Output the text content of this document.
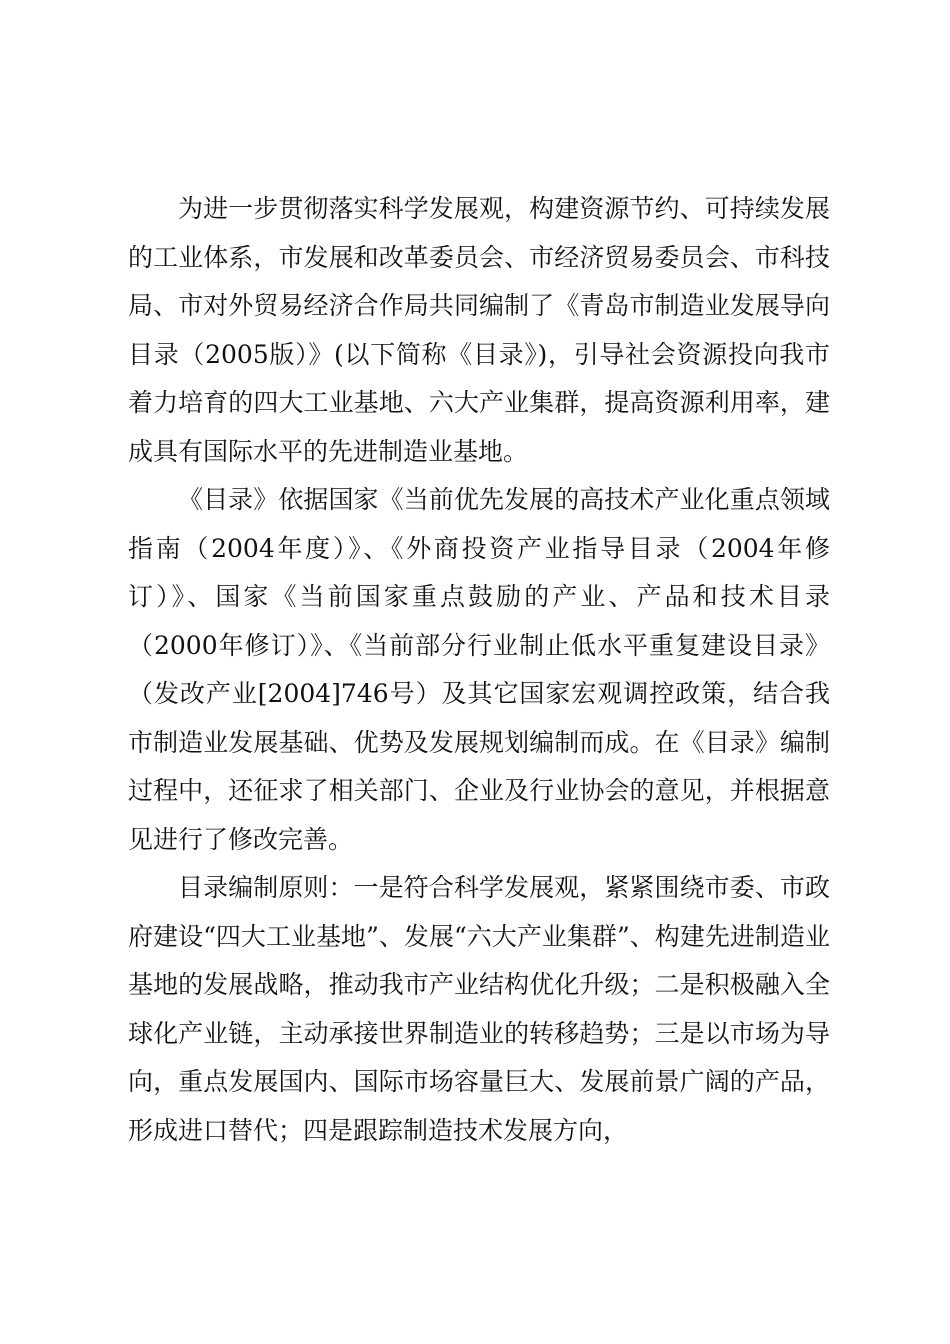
为进一步贯彻落实科学发展观，构建资源节约、可持续发展的工业体系，市发展和改革委员会、市经济贸易委员会、市科技局、市对外贸易经济合作局共同编制了《青岛市制造业发展导向目录（2005版）》(以下简称《目录》)，引导社会资源投向我市着力培育的四大工业基地、六大产业集群，提高资源利用率，建成具有国际水平的先进制造业基地。

《目录》依据国家《当前优先发展的高技术产业化重点领域指南（2004年度）》、《外商投资产业指导目录（2004年修订）》、国家《当前国家重点鼓励的产业、产品和技术目录（2000年修订）》、《当前部分行业制止低水平重复建设目录》（发改产业[2004]746号）及其它国家宏观调控政策，结合我市制造业发展基础、优势及发展规划编制而成。在《目录》编制过程中，还征求了相关部门、企业及行业协会的意见，并根据意见进行了修改完善。

目录编制原则：一是符合科学发展观，紧紧围绕市委、市政府建设“四大工业基地”、发展“六大产业集群”、构建先进制造业基地的发展战略，推动我市产业结构优化升级；二是积极融入全球化产业链，主动承接世界制造业的转移趋势；三是以市场为导向，重点发展国内、国际市场容量巨大、发展前景广阔的产品，形成进口替代；四是跟踪制造技术发展方向，
